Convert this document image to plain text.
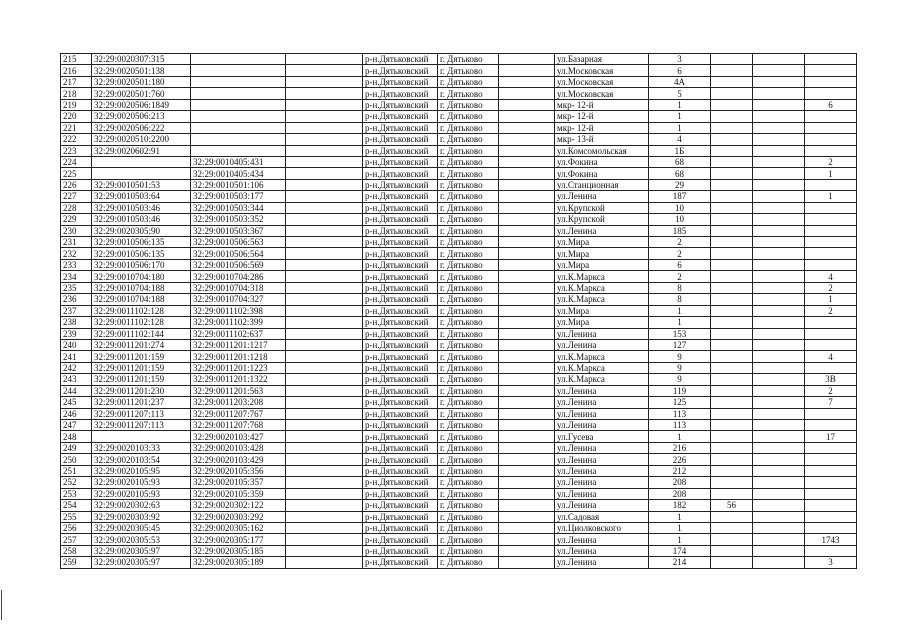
215	32:29:0020307:315			р-н.Дятьковский	г. Дятьково		ул.Базарная	3			
216	32:29:0020501:138			р-н.Дятьковский	г. Дятьково		ул.Московская	6			
217	32:29:0020501:180			р-н.Дятьковский	г. Дятьково		ул.Московская	4А			
218	32:29:0020501:760			р-н.Дятьковский	г. Дятьково		ул.Московская	5			
219	32:29:0020506:1849			р-н.Дятьковский	г. Дятьково		мкр- 12-й	1			6
220	32:29:0020506:213			р-н.Дятьковский	г. Дятьково		мкр- 12-й	1			
221	32:29:0020506:222			р-н.Дятьковский	г. Дятьково		мкр- 12-й	1			
222	32:29:0020510:2200			р-н.Дятьковский	г. Дятьково		мкр- 13-й	4			
223	32:29:0020602:91			р-н.Дятьковский	г. Дятьково		ул.Комсомольская	1Б			
224		32:29:0010405:431		р-н.Дятьковский	г. Дятьково		ул.Фокина	68			2
225		32:29:0010405:434		р-н.Дятьковский	г. Дятьково		ул.Фокина	68			1
226	32:29:0010501:53	32:29:0010501:106		р-н.Дятьковский	г. Дятьково		ул.Станционная	29			
227	32:29:0010503:64	32:29:0010503:177		р-н.Дятьковский	г. Дятьково		ул.Ленина	187			1
228	32:29:0010503:46	32:29:0010503:344		р-н.Дятьковский	г. Дятьково		ул.Крупской	10			
229	32:29:0010503:46	32:29:0010503:352		р-н.Дятьковский	г. Дятьково		ул.Крупской	10			
230	32:29:0020305:90	32:29:0010503:367		р-н.Дятьковский	г. Дятьково		ул.Ленина	185			
231	32:29:0010506:135	32:29:0010506:563		р-н.Дятьковский	г. Дятьково		ул.Мира	2			
232	32:29:0010506:135	32:29:0010506:564		р-н.Дятьковский	г. Дятьково		ул.Мира	2			
233	32:29:0010506:170	32:29:0010506:569		р-н.Дятьковский	г. Дятьково		ул.Мира	6			
234	32:29:0010704:180	32:29:0010704:286		р-н.Дятьковский	г. Дятьково		ул.К.Маркса	2			4
235	32:29:0010704:188	32:29:0010704:318		р-н.Дятьковский	г. Дятьково		ул.К.Маркса	8			2
236	32:29:0010704:188	32:29:0010704:327		р-н.Дятьковский	г. Дятьково		ул.К.Маркса	8			1
237	32:29:0011102:128	32:29:0011102:398		р-н.Дятьковский	г. Дятьково		ул.Мира	1			2
238	32:29:0011102:128	32:29:0011102:399		р-н.Дятьковский	г. Дятьково		ул.Мира	1			
239	32:29:0011102:144	32:29:0011102:637		р-н.Дятьковский	г. Дятьково		ул.Ленина	153			
240	32:29:0011201:274	32:29:0011201:1217		р-н.Дятьковский	г. Дятьково		ул.Ленина	127			
241	32:29:0011201:159	32:29:0011201:1218		р-н.Дятьковский	г. Дятьково		ул.К.Маркса	9			4
242	32:29:0011201:159	32:29:0011201:1223		р-н.Дятьковский	г. Дятьково		ул.К.Маркса	9			
243	32:29:0011201:159	32:29:0011201:1322		р-н.Дятьковский	г. Дятьково		ул.К.Маркса	9			3В
244	32:29:0011201:230	32:29:0011201:563		р-н.Дятьковский	г. Дятьково		ул.Ленина	119			2
245	32:29:0011201:237	32:29:0011203:208		р-н.Дятьковский	г. Дятьково		ул.Ленина	125			7
246	32:29:0011207:113	32:29:0011207:767		р-н.Дятьковский	г. Дятьково		ул.Ленина	113			
247	32:29:0011207:113	32:29:0011207:768		р-н.Дятьковский	г. Дятьково		ул.Ленина	113			
248		32:29:0020103:427		р-н.Дятьковский	г. Дятьково		ул.Гусева	1			17
249	32:29:0020103:33	32:29:0020103:428		р-н.Дятьковский	г. Дятьково		ул.Ленина	216			
250	32:29:0020103:54	32:29:0020103:429		р-н.Дятьковский	г. Дятьково		ул.Ленина	226			
251	32:29:0020105:95	32:29:0020105:356		р-н.Дятьковский	г. Дятьково		ул.Ленина	212			
252	32:29:0020105:93	32:29:0020105:357		р-н.Дятьковский	г. Дятьково		ул.Ленина	208			
253	32:29:0020105:93	32:29:0020105:359		р-н.Дятьковский	г. Дятьково		ул.Ленина	208			
254	32:29:0020302:63	32:29:0020302:122		р-н.Дятьковский	г. Дятьково		ул.Ленина	182	56		
255	32:29:0020303:92	32:29:0020303:292		р-н.Дятьковский	г. Дятьково		ул.Садовая	1			
256	32:29:0020305:45	32:29:0020305:162		р-н.Дятьковский	г. Дятьково		ул.Циолковского	1			
257	32:29:0020305:53	32:29:0020305:177		р-н.Дятьковский	г. Дятьково		ул.Ленина	1			1743
258	32:29:0020305:97	32:29:0020305:185		р-н.Дятьковский	г. Дятьково		ул.Ленина	174			
259	32:29:0020305:97	32:29:0020305:189		р-н.Дятьковский	г. Дятьково		ул.Ленина	214			3
